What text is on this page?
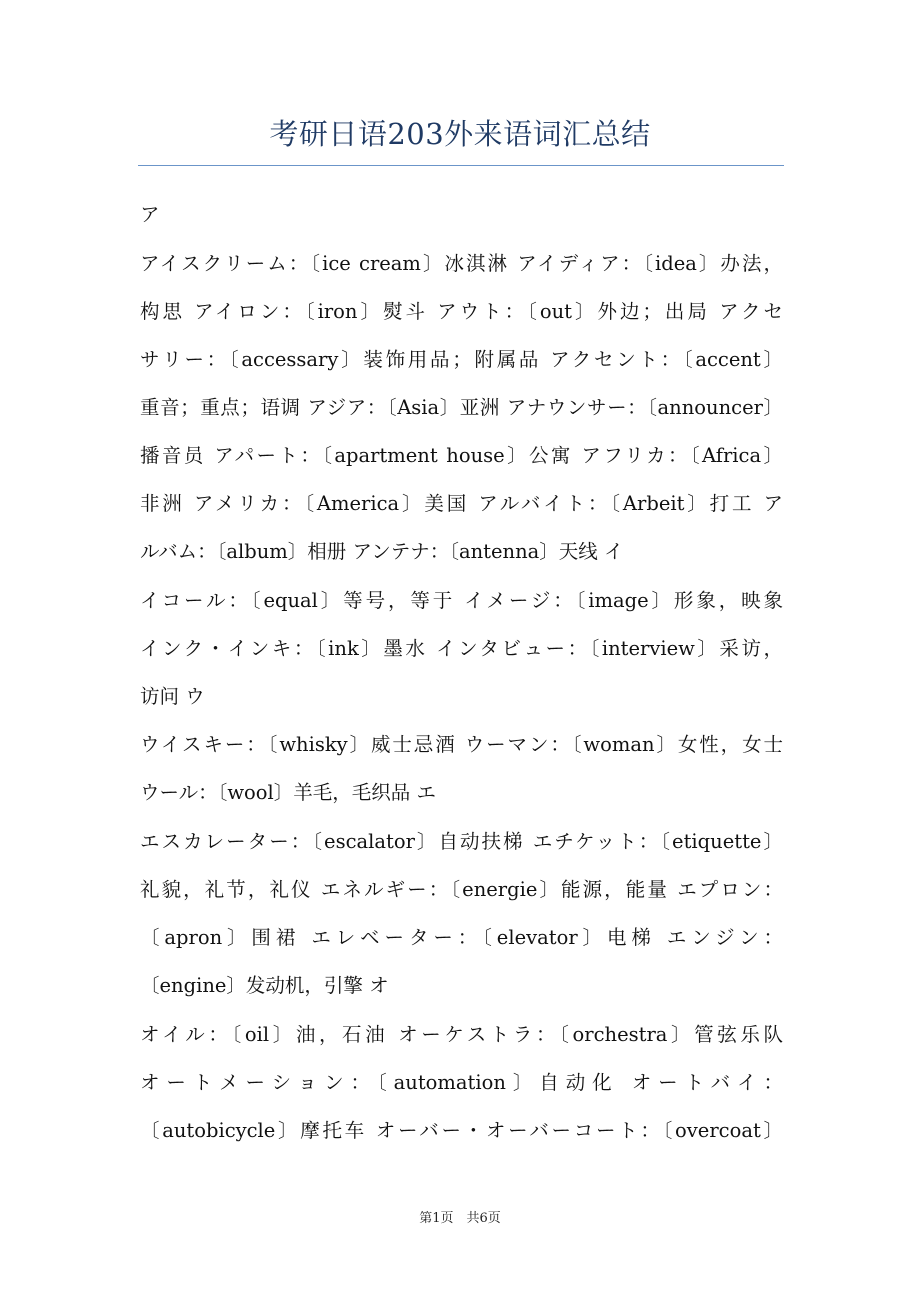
考研日语203外来语词汇总结
ア
アイスクリーム：〔ice cream〕冰淇淋 アイディア：〔idea〕办法，
构思 アイロン：〔iron〕熨斗 アウト：〔out〕外边；出局 アクセ
サリー：〔accessary〕装饰用品；附属品 アクセント：〔accent〕
重音；重点；语调 アジア：〔Asia〕亚洲 アナウンサー：〔announcer〕
播音员 アパート：〔apartment house〕公寓 アフリカ：〔Africa〕
非洲 アメリカ：〔America〕美国 アルバイト：〔Arbeit〕打工 ア
ルバム：〔album〕相册 アンテナ：〔antenna〕天线 イ
イコール：〔equal〕等号，等于 イメージ：〔image〕形象，映象
インク・インキ：〔ink〕墨水 インタビュー：〔interview〕采访，
访问 ウ
ウイスキー：〔whisky〕威士忌酒 ウーマン：〔woman〕女性，女士
ウール：〔wool〕羊毛，毛织品 エ
エスカレーター：〔escalator〕自动扶梯 エチケット：〔etiquette〕
礼貌，礼节，礼仪 エネルギー：〔energie〕能源，能量 エプロン：
〔apron〕围裙 エレベーター：〔elevator〕电梯 エンジン：
〔engine〕发动机，引擎 オ
オイル：〔oil〕油，石油 オーケストラ：〔orchestra〕管弦乐队
オートメーション：〔automation〕自动化 オートバイ：
〔autobicycle〕摩托车 オーバー・オーバーコート：〔overcoat〕
第1页　共6页
